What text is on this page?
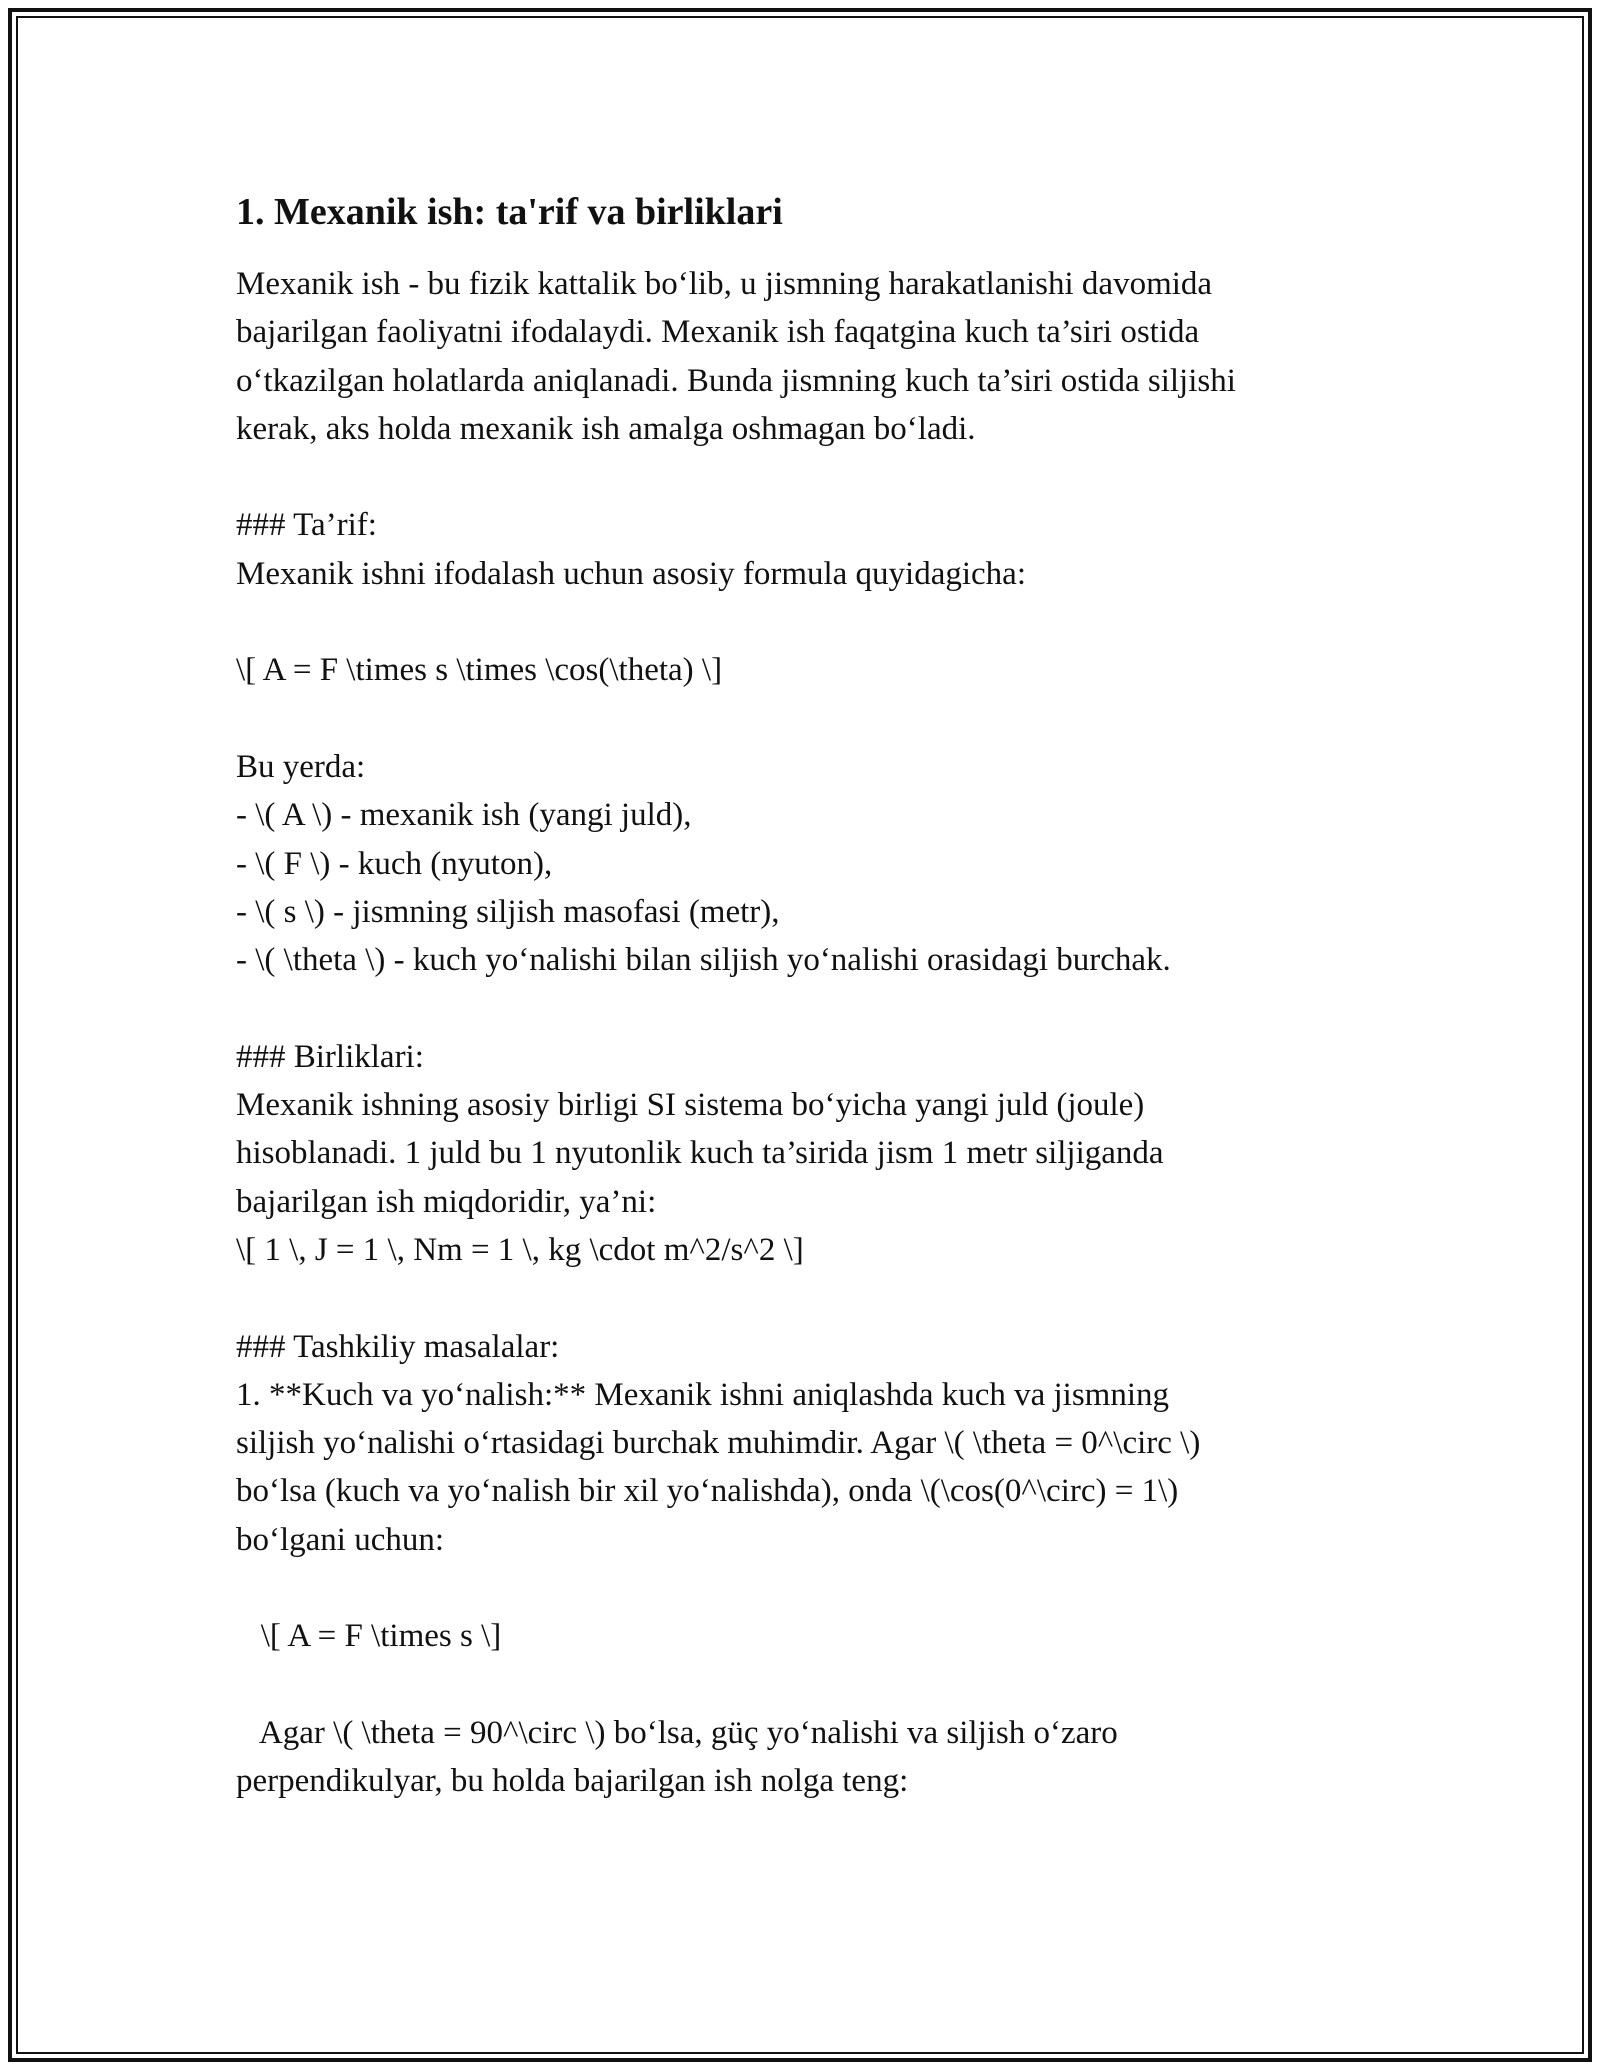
1. Mexanik ish: ta'rif va birliklari

Mexanik ish - bu fizik kattalik boʻlib, u jismning harakatlanishi davomida

bajarilgan faoliyatni ifodalaydi. Mexanik ish faqatgina kuch ta’siri ostida

oʻtkazilgan holatlarda aniqlanadi. Bunda jismning kuch ta’siri ostida siljishi

kerak, aks holda mexanik ish amalga oshmagan boʻladi.

### Ta’rif:

Mexanik ishni ifodalash uchun asosiy formula quyidagicha:

\[ A = F \times s \times \cos(\theta) \]

Bu yerda:

- \( A \) - mexanik ish (yangi juld),

- \( F \) - kuch (nyuton),

- \( s \) - jismning siljish masofasi (metr),

- \( \theta \) - kuch yoʻnalishi bilan siljish yoʻnalishi orasidagi burchak.

### Birliklari:

Mexanik ishning asosiy birligi SI sistema boʻyicha yangi juld (joule)

hisoblanadi. 1 juld bu 1 nyutonlik kuch ta’sirida jism 1 metr siljiganda

bajarilgan ish miqdoridir, ya’ni:

\[ 1 \, J = 1 \, Nm = 1 \, kg \cdot m^2/s^2 \]

### Tashkiliy masalalar:

1. **Kuch va yoʻnalish:** Mexanik ishni aniqlashda kuch va jismning

siljish yoʻnalishi oʻrtasidagi burchak muhimdir. Agar \( \theta = 0^\circ \)

boʻlsa (kuch va yoʻnalish bir xil yoʻnalishda), onda \(\cos(0^\circ) = 1\)

boʻlgani uchun:

\[ A = F \times s \]

Agar \( \theta = 90^\circ \) boʻlsa, güç yoʻnalishi va siljish oʻzaro

perpendikulyar, bu holda bajarilgan ish nolga teng:
